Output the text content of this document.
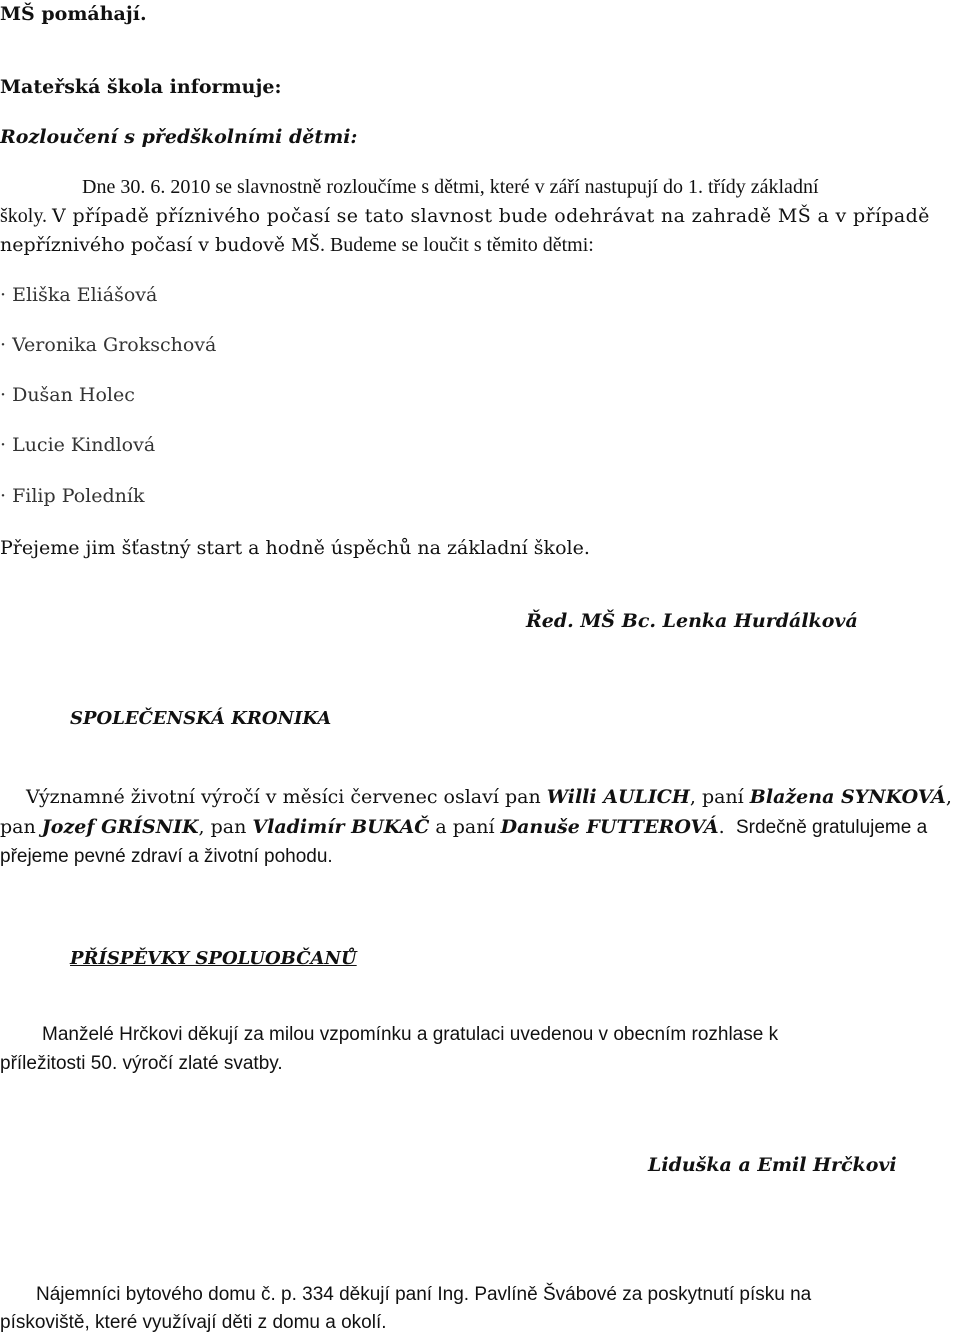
MŠ pomáhají.

Mateřská škola informuje:

Rozloučení s předškolními dětmi:

Dne 30. 6. 2010 se slavnostně rozloučíme s dětmi, které v září nastupují do 1. třídy základní

školy. V případě příznivého počasí se tato slavnost bude odehrávat na zahradě MŠ a v případě

nepříznivého počasí v budově MŠ. Budeme se loučit s těmito dětmi:

· Eliška Eliášová

· Veronika Grokschová

· Dušan Holec

· Lucie Kindlová

· Filip Poledník

Přejeme jim šťastný start a hodně úspěchů na základní škole.

Řed. MŠ Bc. Lenka Hurdálková

SPOLEČENSKÁ KRONIKA

Významné životní výročí v měsíci červenec oslaví pan Willi AULICH, paní Blažena SYNKOVÁ,

pan Jozef GRÍSNIK, pan Vladimír BUKAČ a paní Danuše FUTTEROVÁ. Srdečně gratulujeme a

přejeme pevné zdraví a životní pohodu.

PŘÍSPĚVKY SPOLUOBČANŮ

Manželé Hrčkovi děkují za milou vzpomínku a gratulaci uvedenou v obecním rozhlase k

příležitosti 50. výročí zlaté svatby.

Liduška a Emil Hrčkovi

Nájemníci bytového domu č. p. 334 děkují paní Ing. Pavlíně Švábové za poskytnutí písku na

pískoviště, které využívají děti z domu a okolí.
